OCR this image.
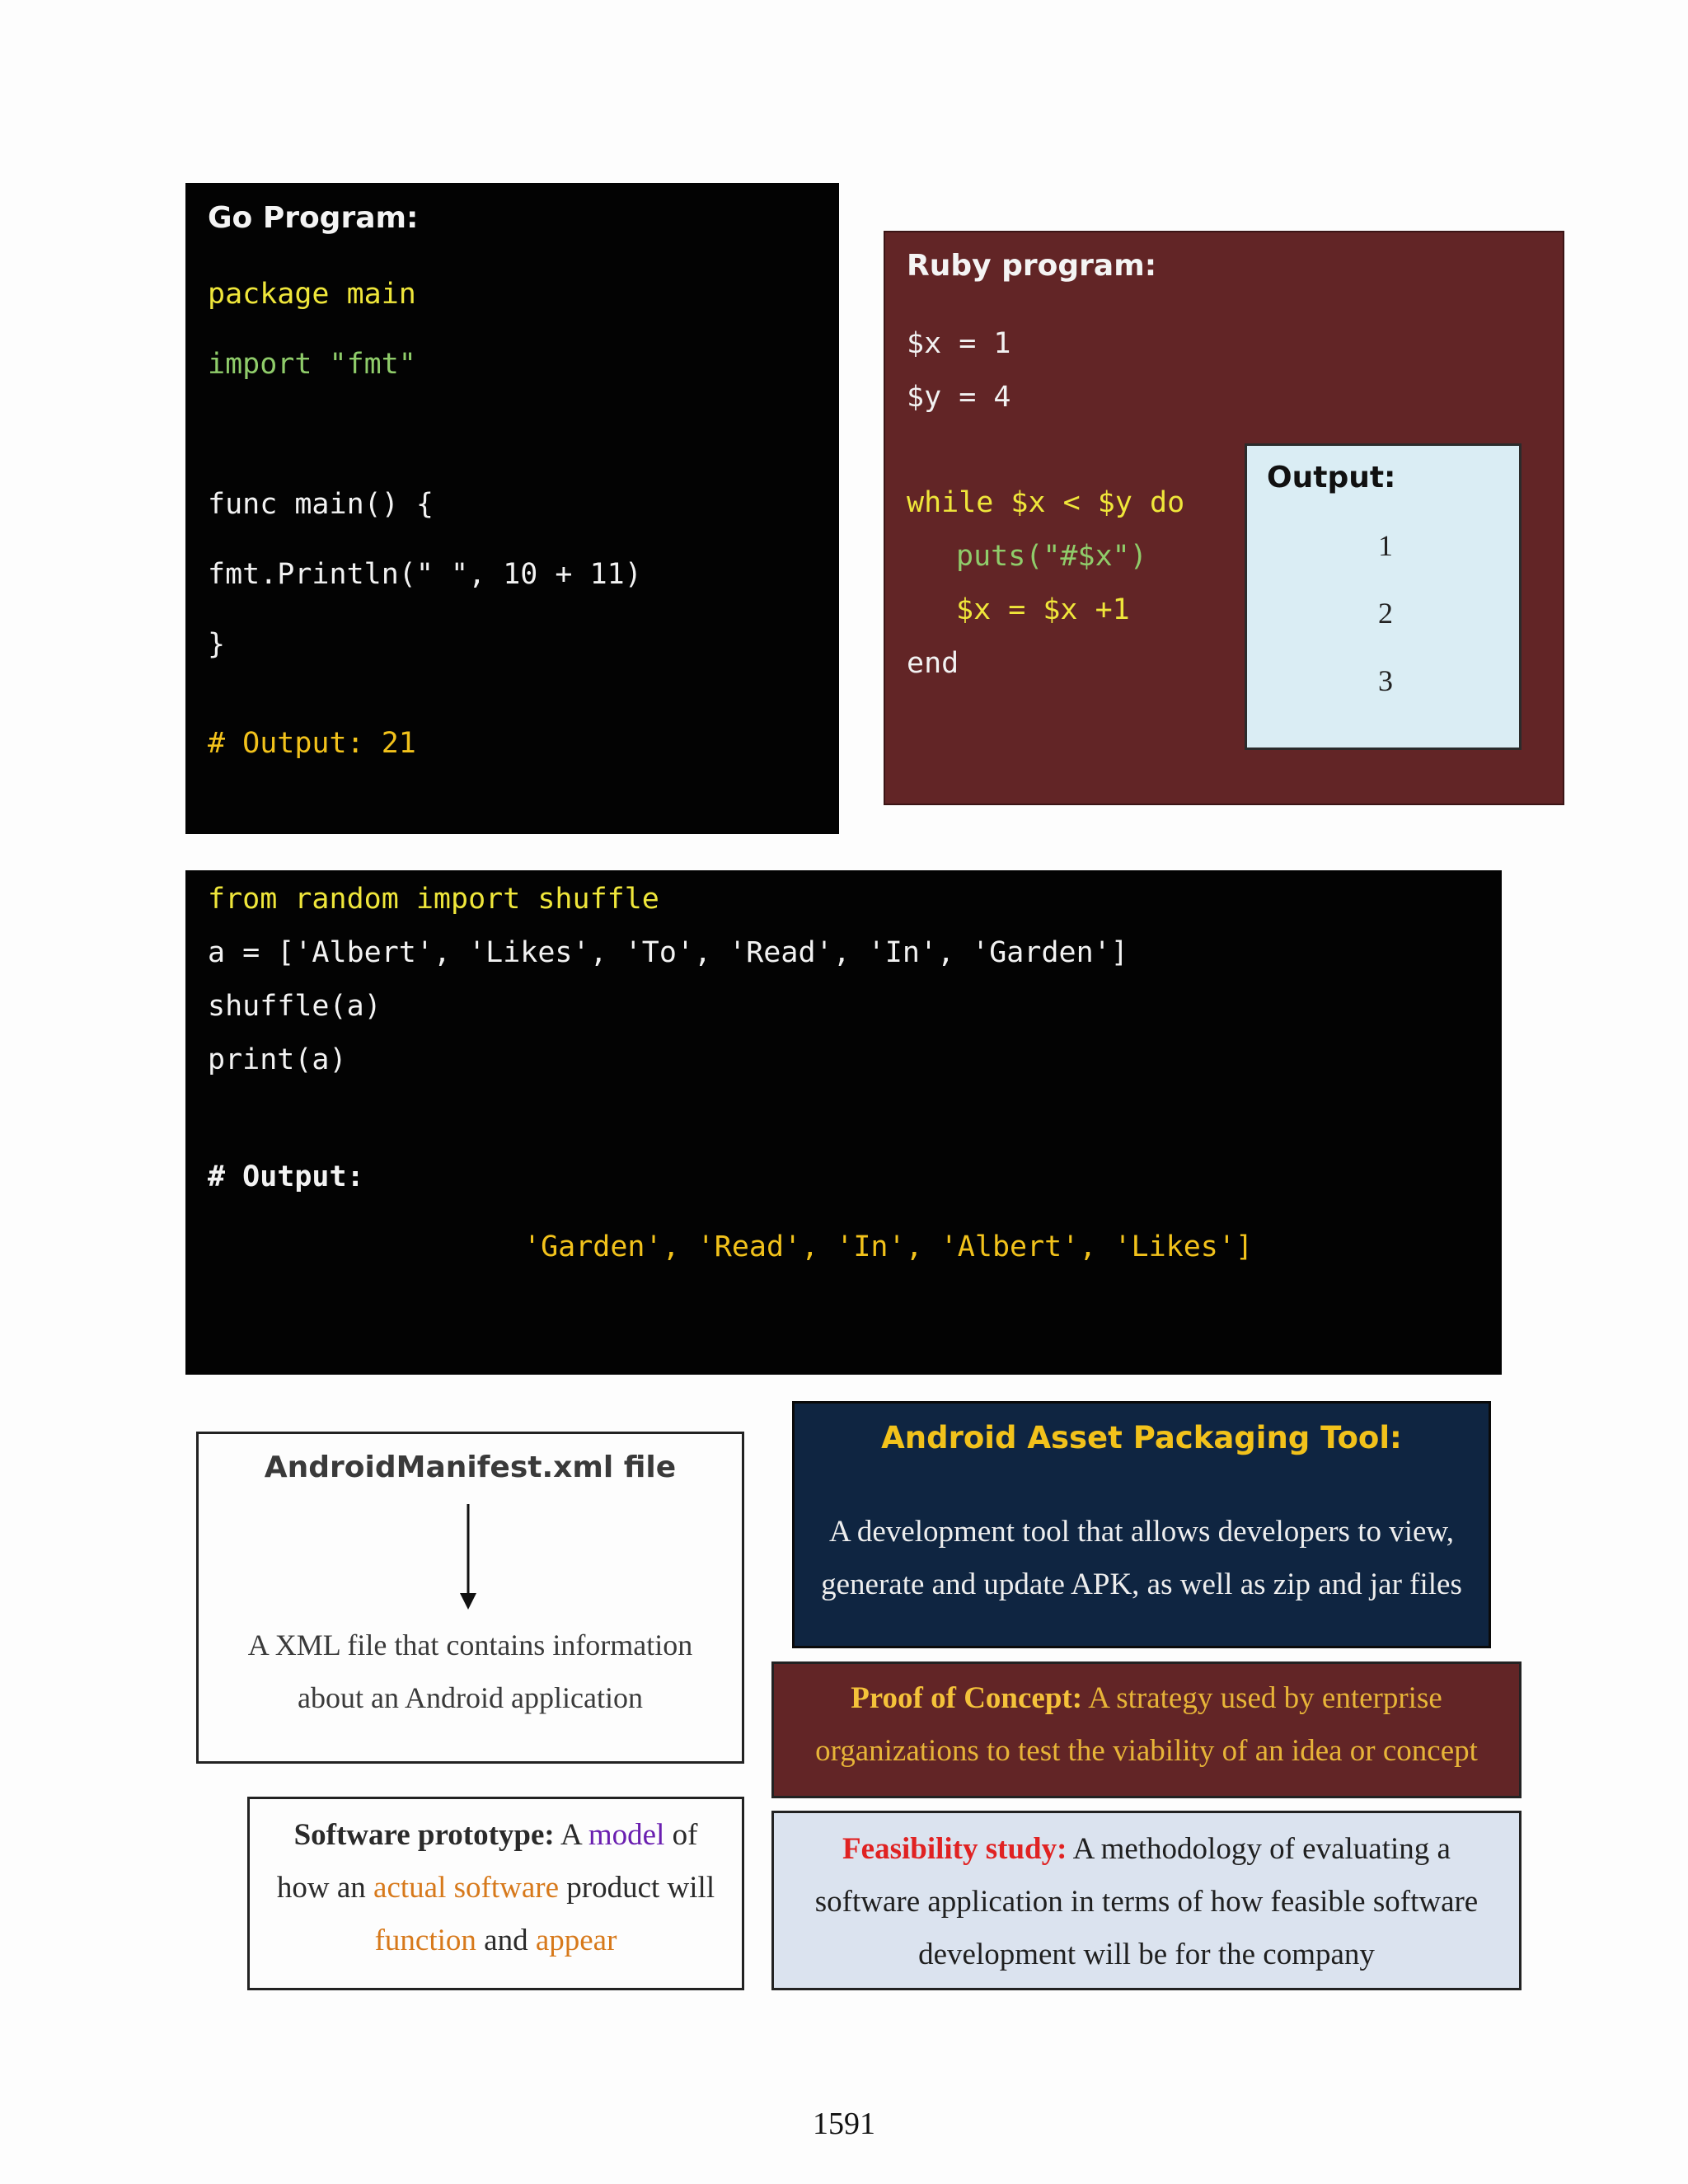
Go Program:
package main
import "fmt"
func main() {
fmt.Println(" ", 10 + 11)
}
# Output: 21
Ruby program:
$x = 1
$y = 4
while $x < $y do
puts("#$x")
$x = $x +1
end
Output:
1
2
3
from random import shuffle
a = ['Albert', 'Likes', 'To', 'Read', 'In', 'Garden']
shuffle(a)
print(a)
# Output:
'Garden', 'Read', 'In', 'Albert', 'Likes']
AndroidManifest.xml file
A XML file that contains information
about an Android application
Android Asset Packaging Tool:
A development tool that allows developers to view,
generate and update APK, as well as zip and jar files
Proof of Concept: A strategy used by enterprise
organizations to test the viability of an idea or concept
Software prototype: A model of
how an actual software product will
function and appear
Feasibility study: A methodology of evaluating a
software application in terms of how feasible software
development will be for the company
1591
